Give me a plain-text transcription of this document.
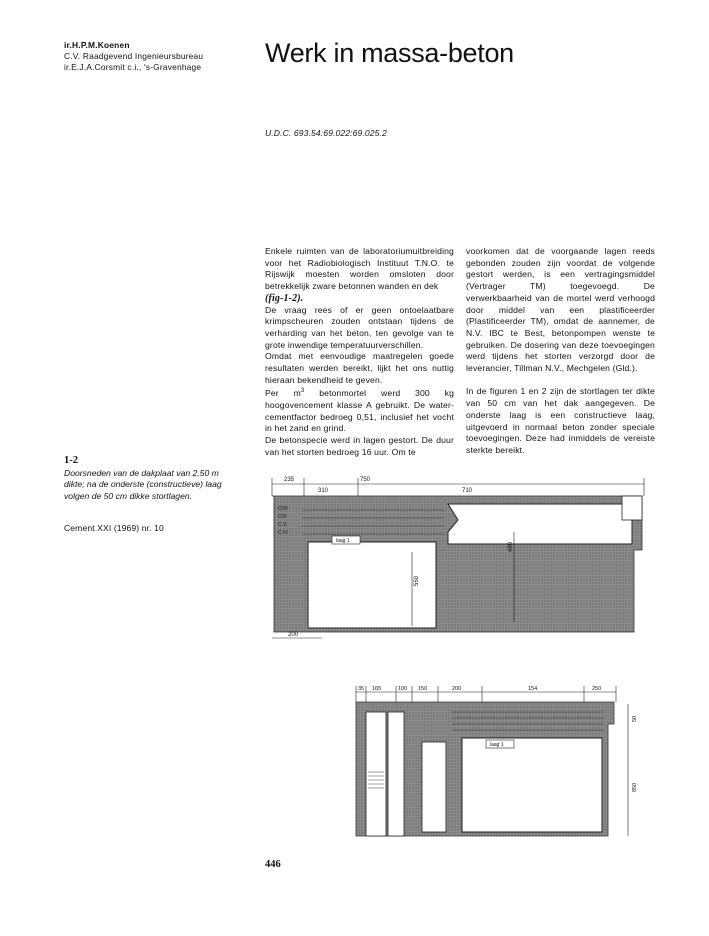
ir.H.P.M.Koenen
C.V. Raadgevend Ingenieursbureau
ir.E.J.A.Corsmit c.i., 's-Gravenhage Werk in massa-beton
U.D.C. 693.54:69.022:69.025.2

Enkele ruimten van de laboratoriumuitbreiding voor het Radiobiologisch Instituut T.N.O. te Rijswijk moesten worden omsloten door betrekkelijk zware betonnen wanden en dek

(fig-1-2).

De vraag rees of er geen ontoelaatbare krimpscheuren zouden ontstaan tijdens de verharding van het beton, ten gevolge van te grote inwendige temperatuurverschillen.

Omdat met eenvoudige maatregelen goede resultaten werden bereikt, lijkt het ons nuttig hieraan bekendheid te geven.

Per $m^3$ betonmortel werd 300 kg hoogovencement klasse A gebruikt. De water-cementfactor bedroeg 0,51, inclusief het vocht in het zand en grind.

De betonspecie werd in lagen gestort. De duur van het storten bedroeg 16 uur. Om te

voorkomen dat de voorgaande lagen reeds gebonden zouden zijn voordat de volgende gestort werden, is een vertragingsmiddel (Vertrager TM) toegevoegd. De verwerkbaarheid van de mortel werd verhoogd door middel van een plastificeerder (Plastificeerder TM), omdat de aannemer, de N.V. IBC te Best, betonpompen wenste te gebruiken. De dosering van deze toevoegingen werd tijdens het storten verzorgd door de leverancier, Tillman N.V., Mechgelen (Gld.).

In de figuren 1 en 2 zijn de stortlagen ter dikte van 50 cm van het dak aangegeven. De onderste laag is een constructieve laag, uitgevoerd in normaal beton zonder speciale toevoegingen. Deze had inmiddels de vereiste sterkte bereikt.

1-2
Doorsneden van de dakplaat van 2,50 m dikte; na de onderste (constructieve) laag volgen de 50 cm dikke stortlagen.
Cement XXI (1969) nr. 10
446
235
310
750
710
480
550
200
CVII
CVI
C.V.
C.IV.
laag 1
35 165	100 150	200	154	250
50
850
laag 1
